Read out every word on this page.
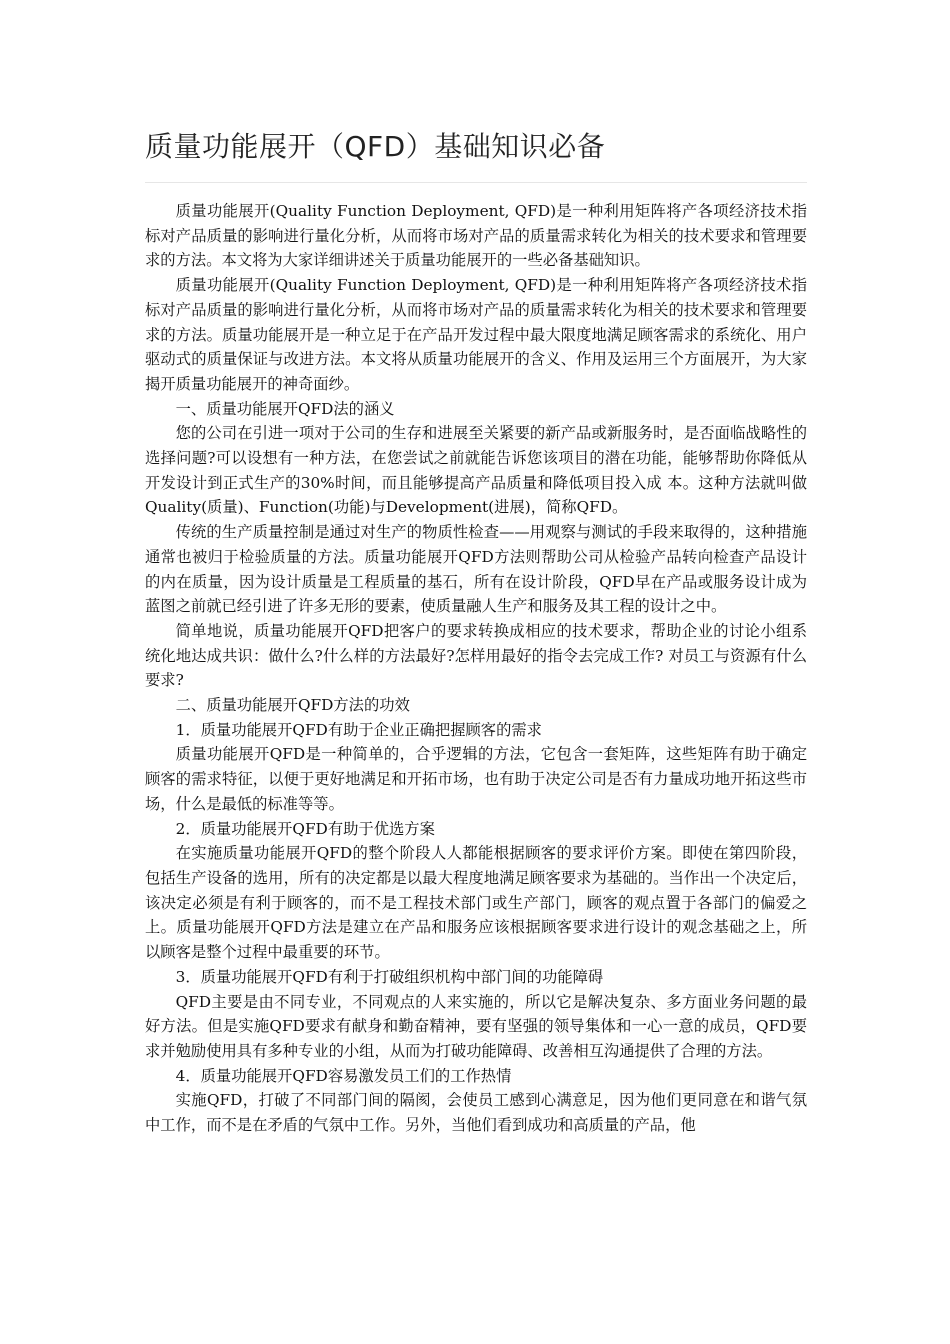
质量功能展开（QFD）基础知识必备

质量功能展开(Quality Function Deployment, QFD)是一种利用矩阵将产各项经济技术指标对产品质量的影响进行量化分析，从而将市场对产品的质量需求转化为相关的技术要求和管理要求的方法。本文将为大家详细讲述关于质量功能展开的一些必备基础知识。

质量功能展开(Quality Function Deployment, QFD)是一种利用矩阵将产各项经济技术指标对产品质量的影响进行量化分析，从而将市场对产品的质量需求转化为相关的技术要求和管理要求的方法。质量功能展开是一种立足于在产品开发过程中最大限度地满足顾客需求的系统化、用户驱动式的质量保证与改进方法。本文将从质量功能展开的含义、作用及运用三个方面展开，为大家揭开质量功能展开的神奇面纱。

一、质量功能展开QFD法的涵义

您的公司在引进一项对于公司的生存和进展至关紧要的新产品或新服务时，是否面临战略性的选择问题?可以设想有一种方法，在您尝试之前就能告诉您该项目的潜在功能，能够帮助你降低从开发设计到正式生产的30%时间，而且能够提高产品质量和降低项目投入成 本。这种方法就叫做Quality(质量)、Function(功能)与Development(进展)，简称QFD。

传统的生产质量控制是通过对生产的物质性检查——用观察与测试的手段来取得的，这种措施通常也被归于检验质量的方法。质量功能展开QFD方法则帮助公司从检验产品转向检查产品设计的内在质量，因为设计质量是工程质量的基石，所有在设计阶段，QFD早在产品或服务设计成为蓝图之前就已经引进了许多无形的要素，使质量融人生产和服务及其工程的设计之中。

简单地说，质量功能展开QFD把客户的要求转换成相应的技术要求，帮助企业的讨论小组系统化地达成共识：做什么?什么样的方法最好?怎样用最好的指令去完成工作? 对员工与资源有什么要求?

二、质量功能展开QFD方法的功效

1．质量功能展开QFD有助于企业正确把握顾客的需求

质量功能展开QFD是一种简单的，合乎逻辑的方法，它包含一套矩阵，这些矩阵有助于确定顾客的需求特征，以便于更好地满足和开拓市场，也有助于决定公司是否有力量成功地开拓这些市场，什么是最低的标准等等。

2．质量功能展开QFD有助于优选方案

在实施质量功能展开QFD的整个阶段人人都能根据顾客的要求评价方案。即使在第四阶段，包括生产设备的选用，所有的决定都是以最大程度地满足顾客要求为基础的。当作出一个决定后，该决定必须是有利于顾客的，而不是工程技术部门或生产部门，顾客的观点置于各部门的偏爱之上。质量功能展开QFD方法是建立在产品和服务应该根据顾客要求进行设计的观念基础之上，所以顾客是整个过程中最重要的环节。

3．质量功能展开QFD有利于打破组织机构中部门间的功能障碍

QFD主要是由不同专业，不同观点的人来实施的，所以它是解决复杂、多方面业务问题的最好方法。但是实施QFD要求有献身和勤奋精神，要有坚强的领导集体和一心一意的成员，QFD要求并勉励使用具有多种专业的小组，从而为打破功能障碍、改善相互沟通提供了合理的方法。

4．质量功能展开QFD容易激发员工们的工作热情

实施QFD，打破了不同部门间的隔阂，会使员工感到心满意足，因为他们更同意在和谐气氛中工作，而不是在矛盾的气氛中工作。另外，当他们看到成功和高质量的产品，他
